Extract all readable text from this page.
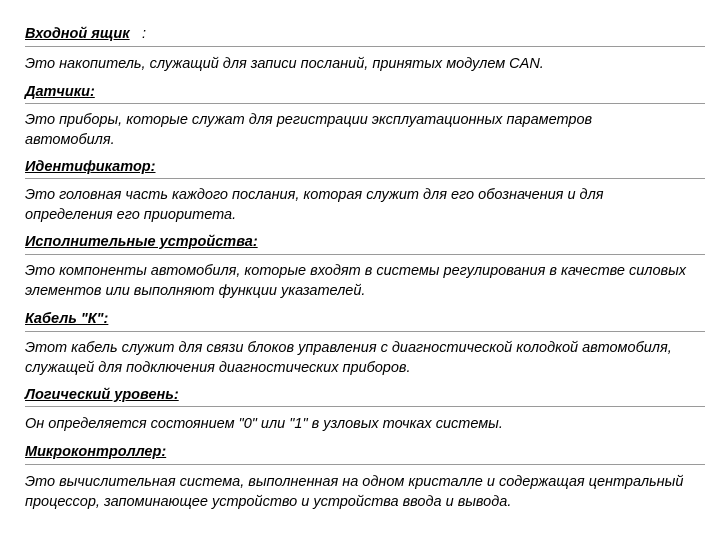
Входной ящик :
Это накопитель, служащий для записи посланий, принятых модулем CAN.
Датчики:
Это приборы, которые служат для регистрации эксплуатационных параметров автомобиля.
Идентификатор:
Это головная часть каждого послания, которая служит для его обозначения и для определения его приоритета.
Исполнительные устройства:
Это компоненты автомобиля, которые входят в системы регулирования в качестве силовых элементов или выполняют функции указателей.
Кабель "К":
Этот кабель служит для связи блоков управления с диагностической колодкой автомобиля, служащей для подключения диагностических приборов.
Логический уровень:
Он определяется состоянием "0" или "1" в узловых точках системы.
Микроконтроллер:
Это вычислительная система, выполненная на одном кристалле и содержащая центральный процессор, запоминающее устройство и устройства ввода и вывода.
